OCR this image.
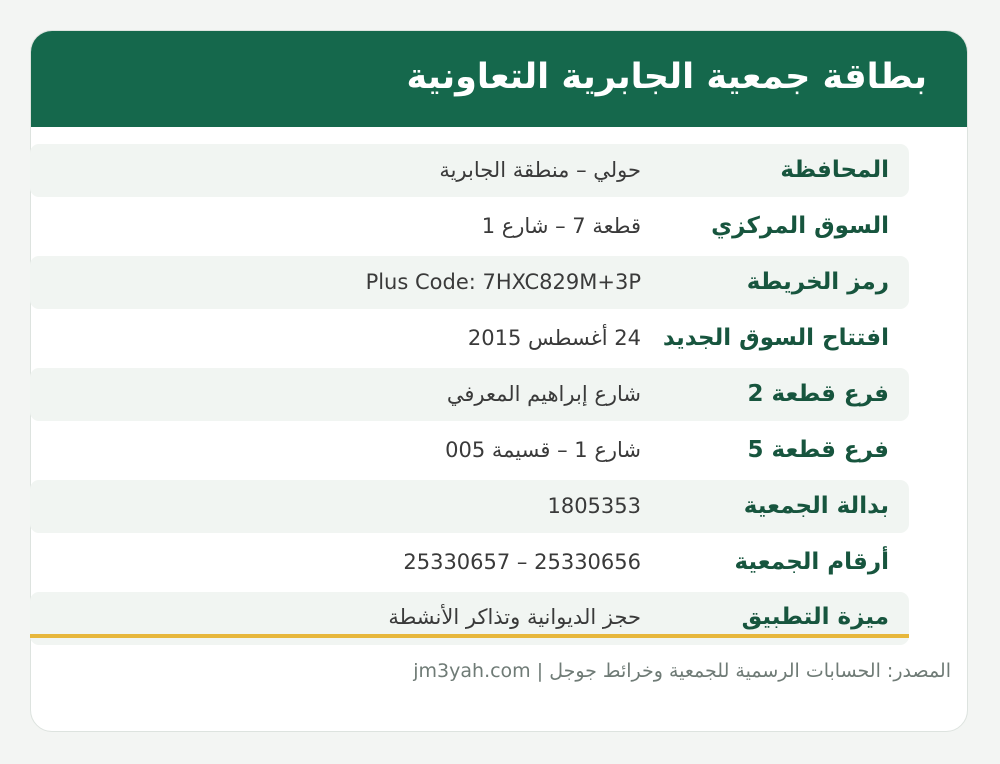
بطاقة جمعية الجابرية التعاونية
المحافظة
حولي – منطقة الجابرية
السوق المركزي
قطعة 7 – شارع 1
رمز الخريطة
Plus Code: 7HXC829M+3P
افتتاح السوق الجديد
24 أغسطس 2015
فرع قطعة 2
شارع إبراهيم المعرفي
فرع قطعة 5
شارع 1 – قسيمة 005
بدالة الجمعية
1805353
أرقام الجمعية
25330656 – 25330657
ميزة التطبيق
حجز الديوانية وتذاكر الأنشطة
المصدر: الحسابات الرسمية للجمعية وخرائط جوجل | jm3yah.com
